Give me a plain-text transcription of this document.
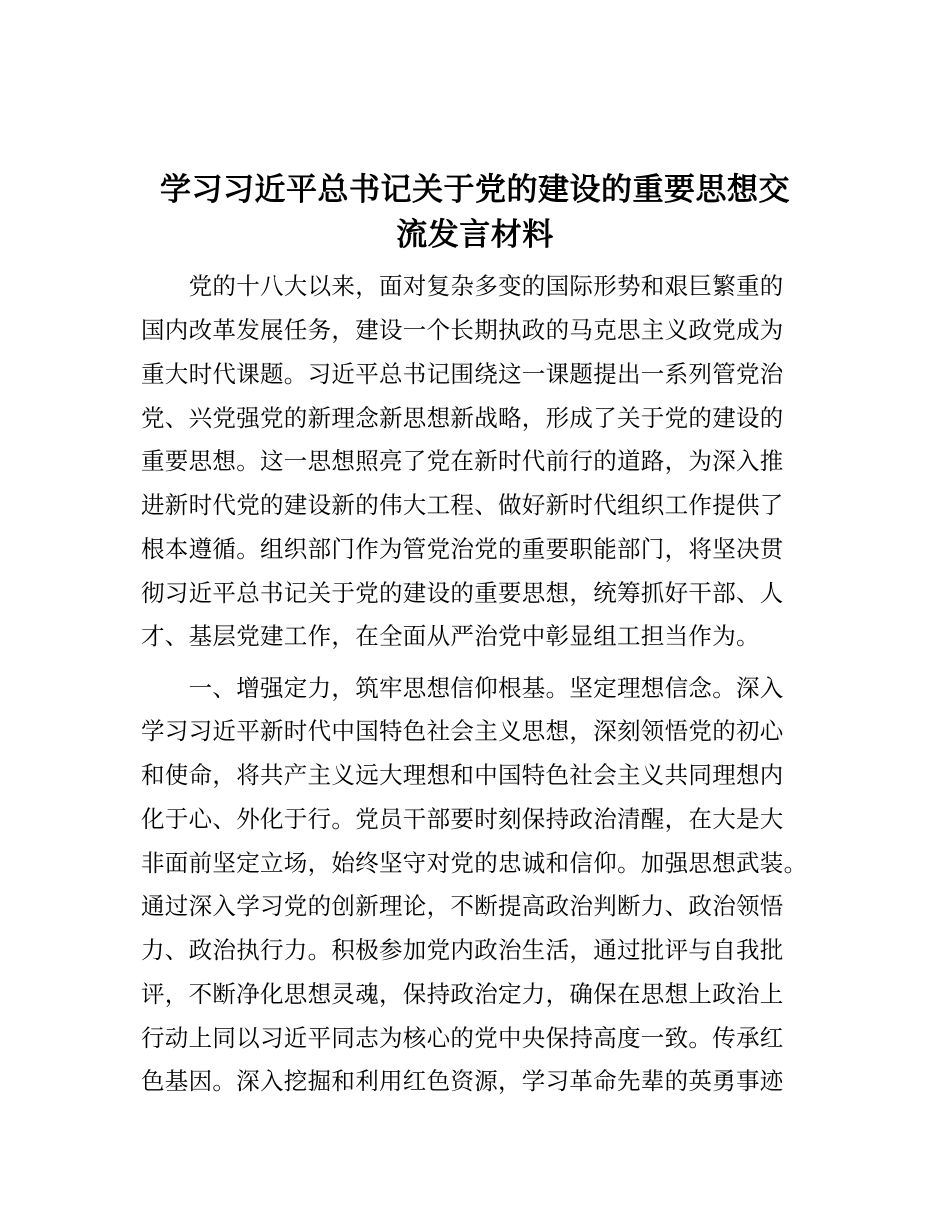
学习习近平总书记关于党的建设的重要思想交
流发言材料
　　党的十八大以来，面对复杂多变的国际形势和艰巨繁重的
国内改革发展任务，建设一个长期执政的马克思主义政党成为
重大时代课题。习近平总书记围绕这一课题提出一系列管党治
党、兴党强党的新理念新思想新战略，形成了关于党的建设的
重要思想。这一思想照亮了党在新时代前行的道路，为深入推
进新时代党的建设新的伟大工程、做好新时代组织工作提供了
根本遵循。组织部门作为管党治党的重要职能部门，将坚决贯
彻习近平总书记关于党的建设的重要思想，统筹抓好干部、人
才、基层党建工作，在全面从严治党中彰显组工担当作为。
　　一、增强定力，筑牢思想信仰根基。坚定理想信念。深入
学习习近平新时代中国特色社会主义思想，深刻领悟党的初心
和使命，将共产主义远大理想和中国特色社会主义共同理想内
化于心、外化于行。党员干部要时刻保持政治清醒，在大是大
非面前坚定立场，始终坚守对党的忠诚和信仰。加强思想武装。
通过深入学习党的创新理论，不断提高政治判断力、政治领悟
力、政治执行力。积极参加党内政治生活，通过批评与自我批
评，不断净化思想灵魂，保持政治定力，确保在思想上政治上
行动上同以习近平同志为核心的党中央保持高度一致。传承红
色基因。深入挖掘和利用红色资源，学习革命先辈的英勇事迹
